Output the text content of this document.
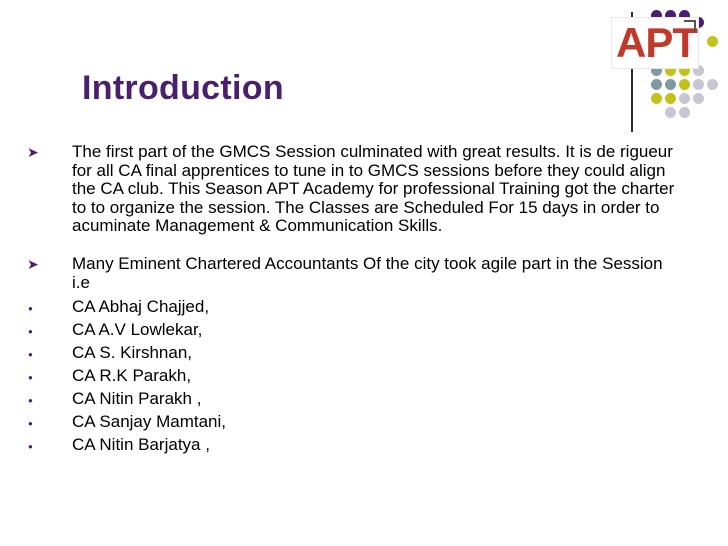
APT
Introduction
➤ The first part of the GMCS Session culminated with great results. It is de rigueur for all CA final apprentices to tune in to GMCS sessions before they could align the CA club. This Season APT Academy for professional Training got the charter to to organize the session. The Classes are Scheduled For 15 days in order to acuminate Management & Communication Skills.
➤ Many Eminent Chartered Accountants Of the city took agile part in the Session i.e
● CA Abhaj Chajjed,
● CA A.V Lowlekar,
● CA S. Kirshnan,
● CA R.K Parakh,
● CA Nitin Parakh ,
● CA Sanjay Mamtani,
● CA Nitin Barjatya ,
